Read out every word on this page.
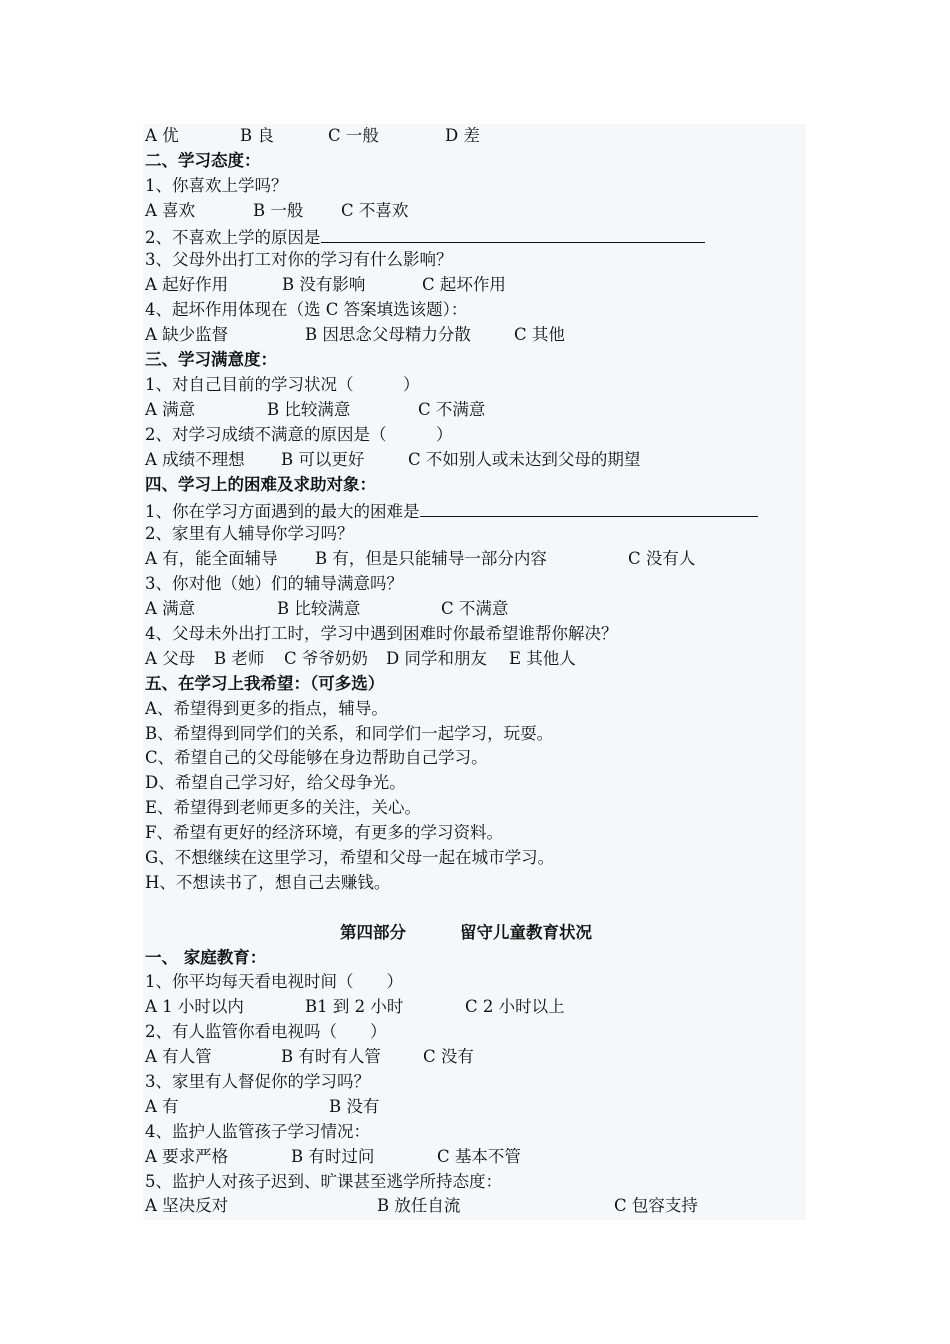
A 优	B 良	C 一般	D 差
二、学习态度：
1、你喜欢上学吗？
A 喜欢	B 一般 C 不喜欢
2、不喜欢上学的原因是
3、父母外出打工对你的学习有什么影响？
A 起好作用	B 没有影响	C 起坏作用
4、起坏作用体现在（选 C 答案填选该题）：
A 缺少监督	B 因思念父母精力分散	C 其他
三、学习满意度：
1、对自己目前的学习状况（　　　）
A 满意	B 比较满意	C 不满意
2、对学习成绩不满意的原因是（　　　）
A 成绩不理想 B 可以更好	C 不如别人或未达到父母的期望
四、学习上的困难及求助对象：
1、你在学习方面遇到的最大的困难是
2、家里有人辅导你学习吗？
A 有，能全面辅导 B 有，但是只能辅导一部分内容	C 没有人
3、你对他（她）们的辅导满意吗？
A 满意	B 比较满意	C 不满意
4、父母未外出打工时，学习中遇到困难时你最希望谁帮你解决？
A 父母 B 老师 C 爷爷奶奶 D 同学和朋友 E 其他人
五、在学习上我希望：（可多选）
A、希望得到更多的指点，辅导。
B、希望得到同学们的关系，和同学们一起学习，玩耍。
C、希望自己的父母能够在身边帮助自己学习。
D、希望自己学习好，给父母争光。
E、希望得到老师更多的关注，关心。
F、希望有更好的经济环境，有更多的学习资料。
G、不想继续在这里学习，希望和父母一起在城市学习。
H、不想读书了，想自己去赚钱。
第四部分	留守儿童教育状况
一、 家庭教育：
1、你平均每天看电视时间（　　）
A 1 小时以内	B1 到 2 小时	C 2 小时以上
2、有人监管你看电视吗（　　）
A 有人管	B 有时有人管	C 没有
3、家里有人督促你的学习吗？
A 有	B 没有
4、监护人监管孩子学习情况：
A 要求严格	B 有时过问	C 基本不管
5、监护人对孩子迟到、旷课甚至逃学所持态度：
A 坚决反对	B 放任自流	C 包容支持
